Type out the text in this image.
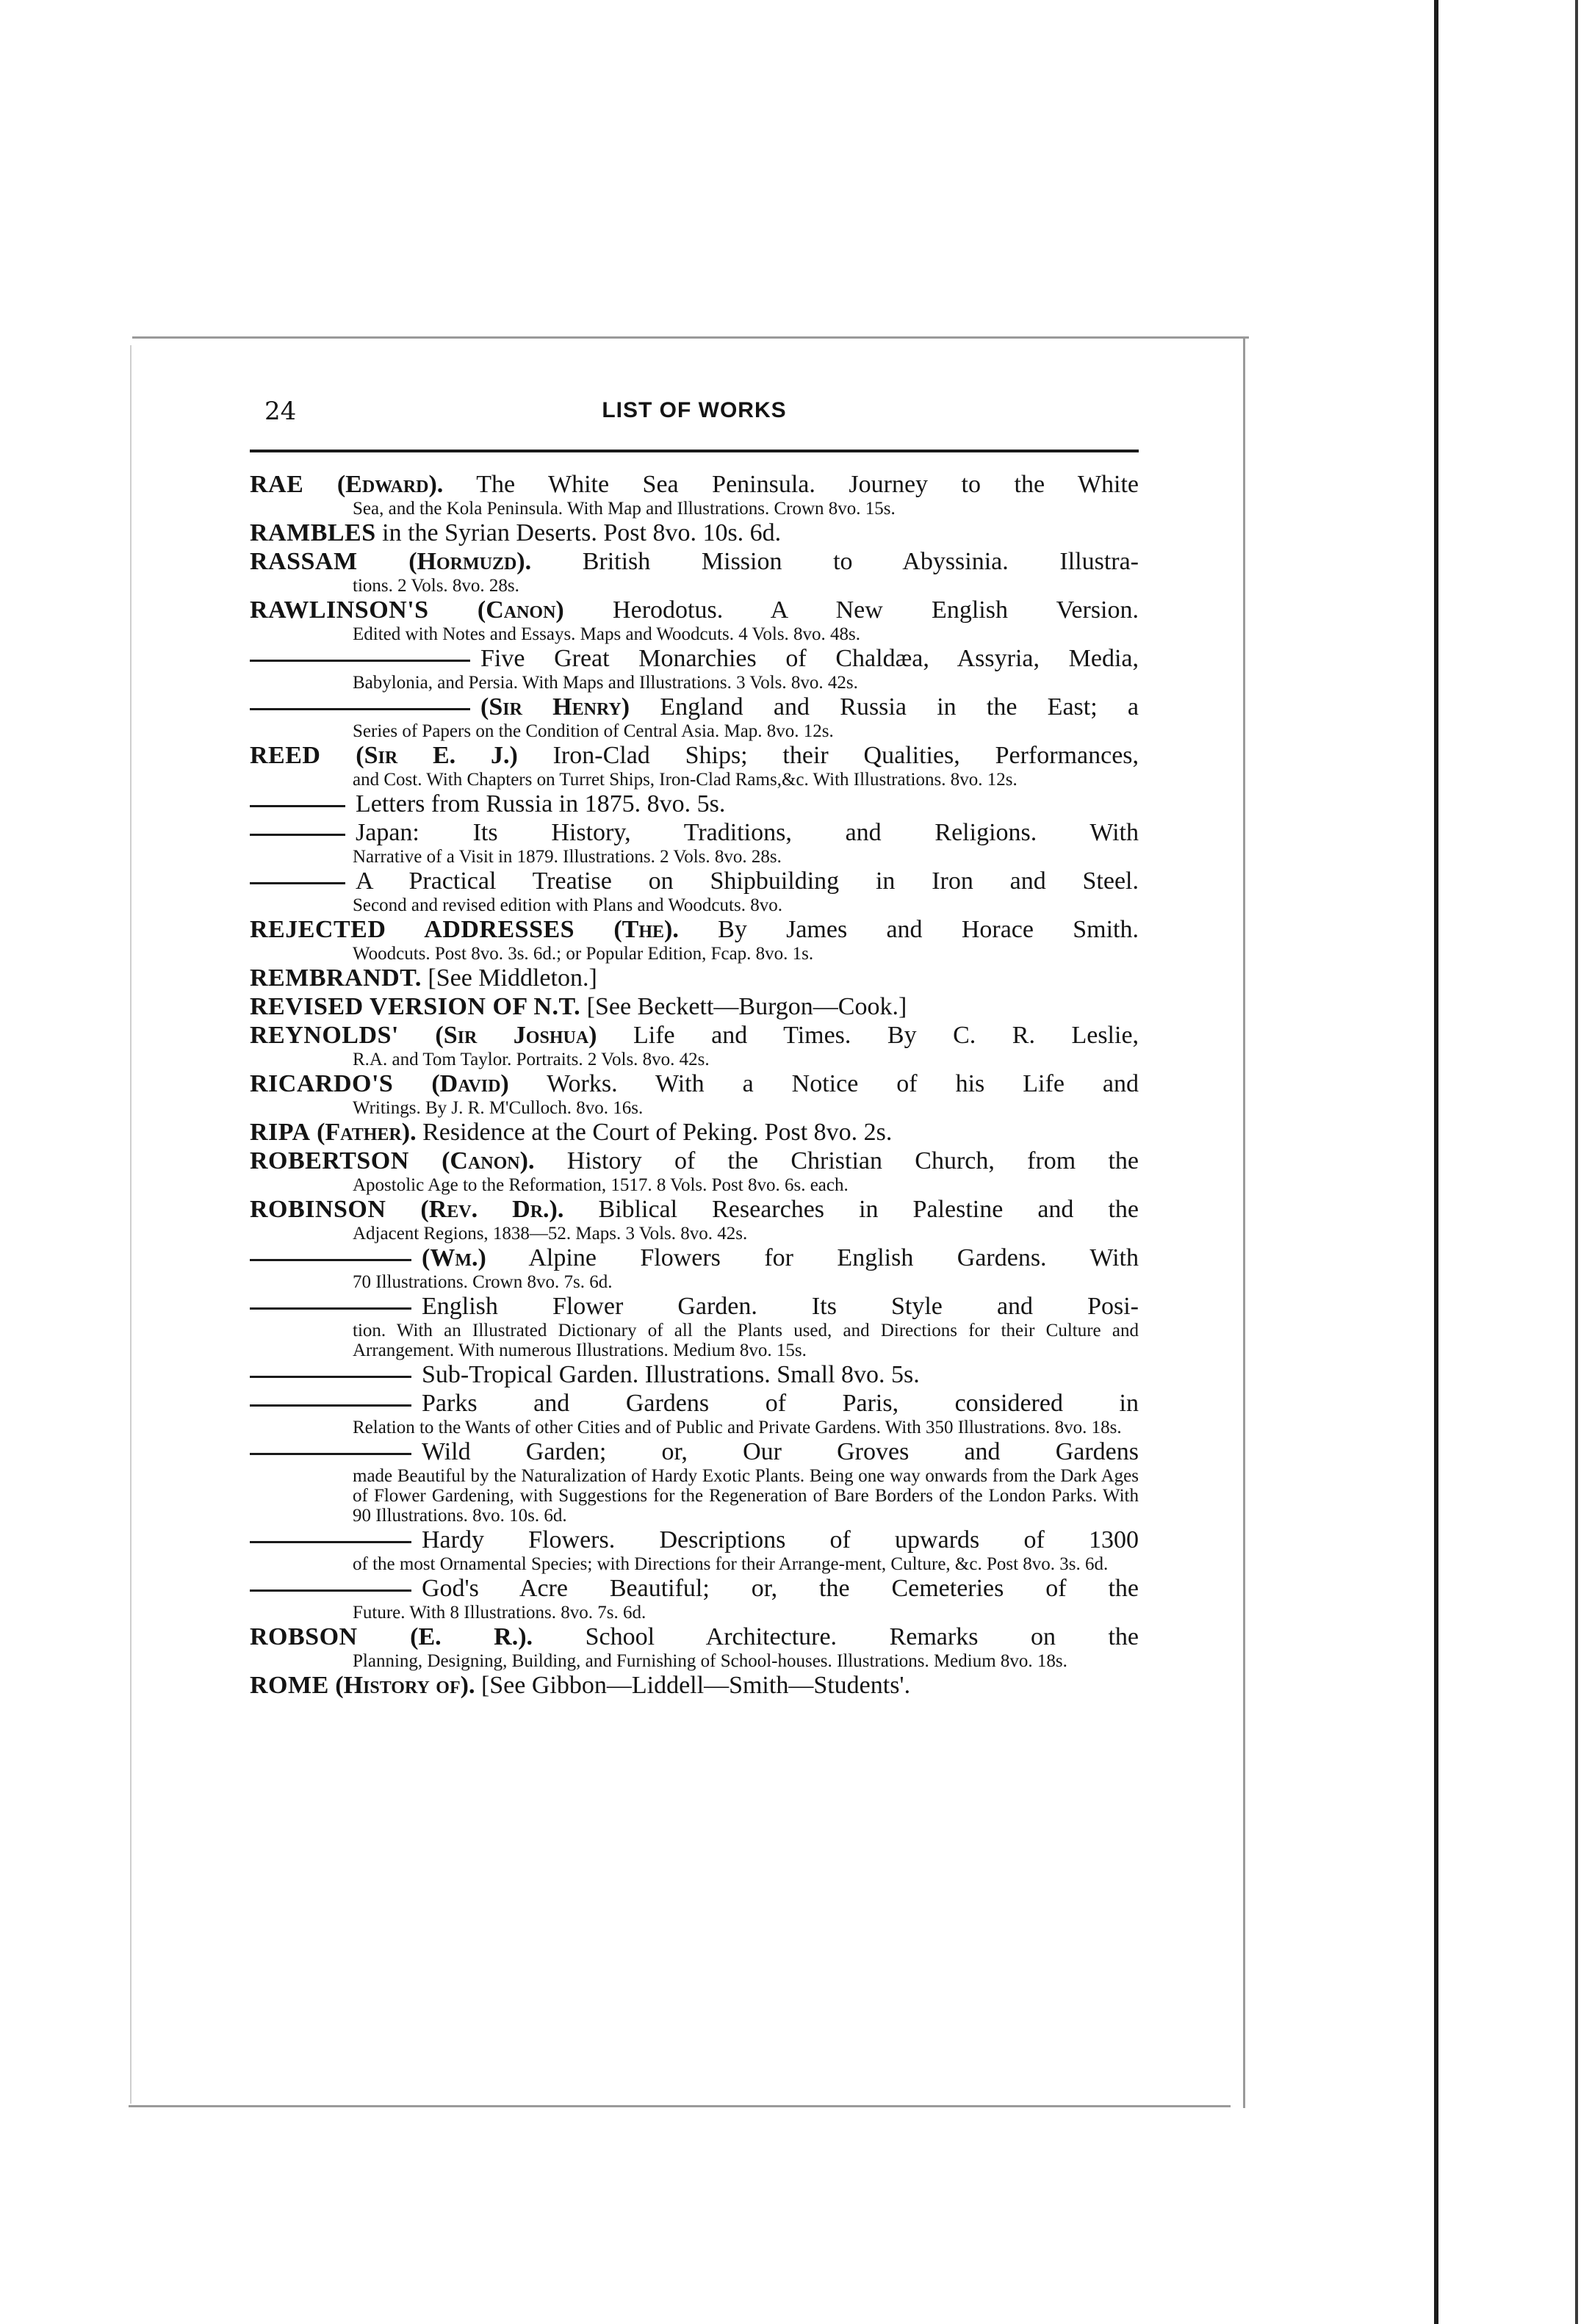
24	LIST OF WORKS
RAE (Edward). The White Sea Peninsula. Journey to the White
Sea, and the Kola Peninsula. With Map and Illustrations. Crown 8vo. 15s.
RAMBLES in the Syrian Deserts. Post 8vo. 10s. 6d.
RASSAM (Hormuzd). British Mission to Abyssinia. Illustra-
tions. 2 Vols. 8vo. 28s.
RAWLINSON'S (Canon) Herodotus. A New English Version.
Edited with Notes and Essays. Maps and Woodcuts. 4 Vols. 8vo. 48s.
Five Great Monarchies of Chaldæa, Assyria, Media,
Babylonia, and Persia. With Maps and Illustrations. 3 Vols. 8vo. 42s.
(Sir Henry) England and Russia in the East; a
Series of Papers on the Condition of Central Asia. Map. 8vo. 12s.
REED (Sir E. J.) Iron-Clad Ships; their Qualities, Performances,
and Cost. With Chapters on Turret Ships, Iron-Clad Rams,&c. With Illustrations. 8vo. 12s.
Letters from Russia in 1875. 8vo. 5s.
Japan: Its History, Traditions, and Religions. With
Narrative of a Visit in 1879. Illustrations. 2 Vols. 8vo. 28s.
A Practical Treatise on Shipbuilding in Iron and Steel.
Second and revised edition with Plans and Woodcuts. 8vo.
REJECTED ADDRESSES (The). By James and Horace Smith.
Woodcuts. Post 8vo. 3s. 6d.; or Popular Edition, Fcap. 8vo. 1s.
REMBRANDT. [See Middleton.]
REVISED VERSION OF N.T. [See Beckett—Burgon—Cook.]
REYNOLDS' (Sir Joshua) Life and Times. By C. R. Leslie,
R.A. and Tom Taylor. Portraits. 2 Vols. 8vo. 42s.
RICARDO'S (David) Works. With a Notice of his Life and
Writings. By J. R. M'Culloch. 8vo. 16s.
RIPA (Father). Residence at the Court of Peking. Post 8vo. 2s.
ROBERTSON (Canon). History of the Christian Church, from the
Apostolic Age to the Reformation, 1517. 8 Vols. Post 8vo. 6s. each.
ROBINSON (Rev. Dr.). Biblical Researches in Palestine and the
Adjacent Regions, 1838—52. Maps. 3 Vols. 8vo. 42s.
(Wm.) Alpine Flowers for English Gardens. With
70 Illustrations. Crown 8vo. 7s. 6d.
English Flower Garden. Its Style and Posi-
tion. With an Illustrated Dictionary of all the Plants used, and Directions for their Culture and Arrangement. With numerous Illustrations. Medium 8vo. 15s.
Sub-Tropical Garden. Illustrations. Small 8vo. 5s.
Parks and Gardens of Paris, considered in
Relation to the Wants of other Cities and of Public and Private Gardens. With 350 Illustrations. 8vo. 18s.
Wild Garden; or, Our Groves and Gardens
made Beautiful by the Naturalization of Hardy Exotic Plants. Being one way onwards from the Dark Ages of Flower Gardening, with Suggestions for the Regeneration of Bare Borders of the London Parks. With 90 Illustrations. 8vo. 10s. 6d.
Hardy Flowers. Descriptions of upwards of 1300
of the most Ornamental Species; with Directions for their Arrange-ment, Culture, &c. Post 8vo. 3s. 6d.
God's Acre Beautiful; or, the Cemeteries of the
Future. With 8 Illustrations. 8vo. 7s. 6d.
ROBSON (E. R.). School Architecture. Remarks on the
Planning, Designing, Building, and Furnishing of School-houses. Illustrations. Medium 8vo. 18s.
ROME (History of). [See Gibbon—Liddell—Smith—Students'.
